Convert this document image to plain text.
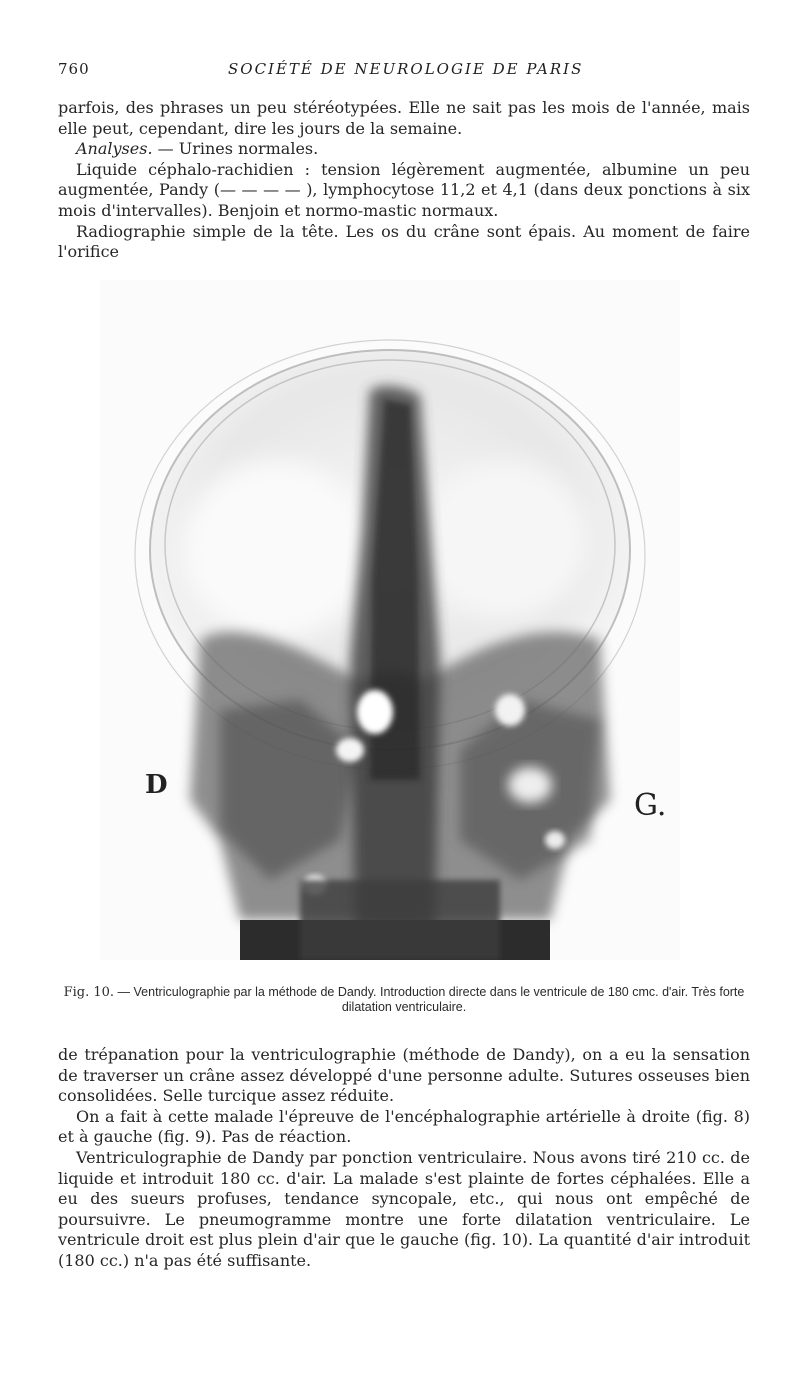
760	SOCIÉTÉ DE NEUROLOGIE DE PARIS

parfois, des phrases un peu stéréotypées. Elle ne sait pas les mois de l'année, mais elle peut, cependant, dire les jours de la semaine.

Analyses. — Urines normales.

Liquide céphalo-rachidien : tension légèrement augmentée, albumine un peu augmentée, Pandy (— — — — ), lymphocytose 11,2 et 4,1 (dans deux ponctions à six mois d'intervalles). Benjoin et normo-mastic normaux.

Radiographie simple de la tête. Les os du crâne sont épais. Au moment de faire l'orifice

D
G.
Fig. 10. — Ventriculographie par la méthode de Dandy. Introduction directe dans le ventricule de 180 cmc. d'air. Très forte dilatation ventriculaire.

de trépanation pour la ventriculographie (méthode de Dandy), on a eu la sensation de traverser un crâne assez développé d'une personne adulte. Sutures osseuses bien consolidées. Selle turcique assez réduite.

On a fait à cette malade l'épreuve de l'encéphalographie artérielle à droite (fig. 8) et à gauche (fig. 9). Pas de réaction.

Ventriculographie de Dandy par ponction ventriculaire. Nous avons tiré 210 cc. de liquide et introduit 180 cc. d'air. La malade s'est plainte de fortes céphalées. Elle a eu des sueurs profuses, tendance syncopale, etc., qui nous ont empêché de poursuivre. Le pneumogramme montre une forte dilatation ventriculaire. Le ventricule droit est plus plein d'air que le gauche (fig. 10). La quantité d'air introduit (180 cc.) n'a pas été suffisante.
